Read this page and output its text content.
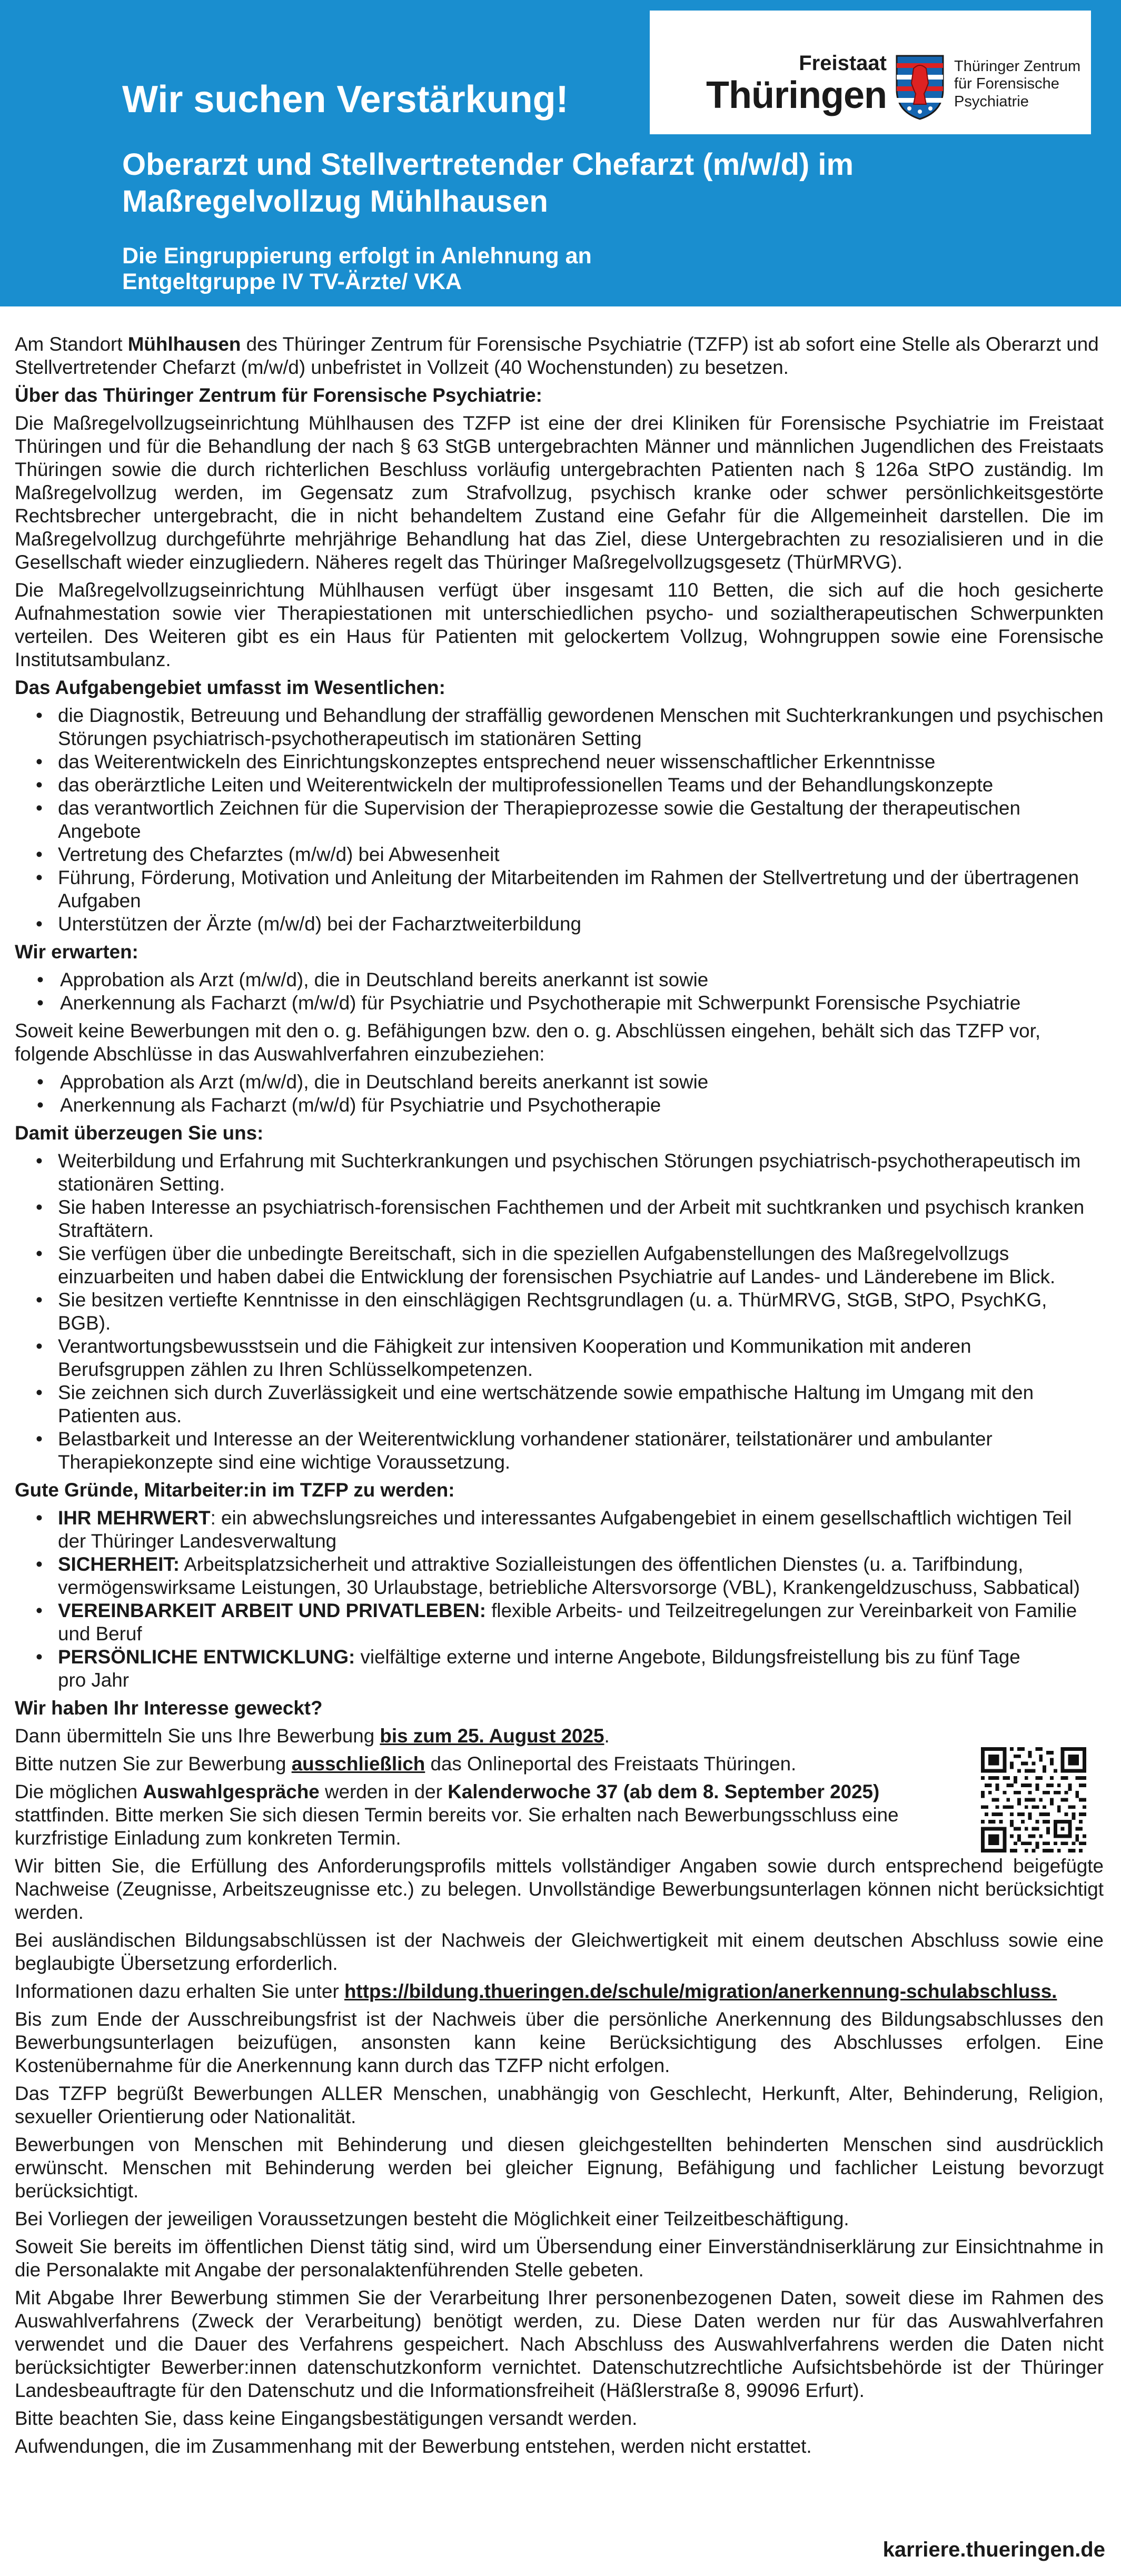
Wir suchen Verstärkung!
Oberarzt und Stellvertretender Chefarzt (m/w/d) im Maßregelvollzug Mühlhausen
Die Eingruppierung erfolgt in Anlehnung an
Entgeltgruppe IV TV-Ärzte/ VKA
Freistaat
Thüringen
Thüringer Zentrum
für Forensische Psychiatrie

Am Standort Mühlhausen des Thüringer Zentrum für Forensische Psychiatrie (TZFP) ist ab sofort eine Stelle als Oberarzt und Stellvertretender Chefarzt (m/w/d) unbefristet in Vollzeit (40 Wochenstunden) zu besetzen.

Über das Thüringer Zentrum für Forensische Psychiatrie:

Die Maßregelvollzugseinrichtung Mühlhausen des TZFP ist eine der drei Kliniken für Forensische Psychiatrie im Freistaat Thüringen und für die Behandlung der nach § 63 StGB untergebrachten Männer und männlichen Jugendlichen des Freistaats Thüringen sowie die durch richterlichen Beschluss vorläufig untergebrachten Patienten nach § 126a StPO zuständig. Im Maßregelvollzug werden, im Gegensatz zum Strafvollzug, psychisch kranke oder schwer persönlichkeitsgestörte Rechtsbrecher untergebracht, die in nicht behandeltem Zustand eine Gefahr für die Allgemeinheit darstellen. Die im Maßregelvollzug durchgeführte mehrjährige Behandlung hat das Ziel, diese Untergebrachten zu resozialisieren und in die Gesellschaft wieder einzugliedern. Näheres regelt das Thüringer Maßregelvollzugsgesetz (ThürMRVG).

Die Maßregelvollzugseinrichtung Mühlhausen verfügt über insgesamt 110 Betten, die sich auf die hoch gesicherte Aufnahmestation sowie vier Therapiestationen mit unterschiedlichen psycho- und sozialtherapeutischen Schwerpunkten verteilen. Des Weiteren gibt es ein Haus für Patienten mit gelockertem Vollzug, Wohngruppen sowie eine Forensische Institutsambulanz.

Das Aufgabengebiet umfasst im Wesentlichen:
• die Diagnostik, Betreuung und Behandlung der straffällig gewordenen Menschen mit Suchterkrankungen und psychischen Störungen psychiatrisch-psychotherapeutisch im stationären Setting
• das Weiterentwickeln des Einrichtungskonzeptes entsprechend neuer wissenschaftlicher Erkenntnisse
• das oberärztliche Leiten und Weiterentwickeln der multiprofessionellen Teams und der Behandlungskonzepte
• das verantwortlich Zeichnen für die Supervision der Therapieprozesse sowie die Gestaltung der therapeutischen Angebote
• Vertretung des Chefarztes (m/w/d) bei Abwesenheit
• Führung, Förderung, Motivation und Anleitung der Mitarbeitenden im Rahmen der Stellvertretung und der übertragenen Aufgaben
• Unterstützen der Ärzte (m/w/d) bei der Facharztweiterbildung
Wir erwarten:
• Approbation als Arzt (m/w/d), die in Deutschland bereits anerkannt ist sowie
• Anerkennung als Facharzt (m/w/d) für Psychiatrie und Psychotherapie mit Schwerpunkt Forensische Psychiatrie

Soweit keine Bewerbungen mit den o. g. Befähigungen bzw. den o. g. Abschlüssen eingehen, behält sich das TZFP vor, folgende Abschlüsse in das Auswahlverfahren einzubeziehen:

• Approbation als Arzt (m/w/d), die in Deutschland bereits anerkannt ist sowie
• Anerkennung als Facharzt (m/w/d) für Psychiatrie und Psychotherapie
Damit überzeugen Sie uns:
• Weiterbildung und Erfahrung mit Suchterkrankungen und psychischen Störungen psychiatrisch-psychotherapeutisch im stationären Setting.
• Sie haben Interesse an psychiatrisch-forensischen Fachthemen und der Arbeit mit suchtkranken und psychisch kranken Straftätern.
• Sie verfügen über die unbedingte Bereitschaft, sich in die speziellen Aufgabenstellungen des Maßregelvollzugs einzuarbeiten und haben dabei die Entwicklung der forensischen Psychiatrie auf Landes- und Länderebene im Blick.
• Sie besitzen vertiefte Kenntnisse in den einschlägigen Rechtsgrundlagen (u. a. ThürMRVG, StGB, StPO, PsychKG, BGB).
• Verantwortungsbewusstsein und die Fähigkeit zur intensiven Kooperation und Kommunikation mit anderen Berufsgruppen zählen zu Ihren Schlüsselkompetenzen.
• Sie zeichnen sich durch Zuverlässigkeit und eine wertschätzende sowie empathische Haltung im Umgang mit den Patienten aus.
• Belastbarkeit und Interesse an der Weiterentwicklung vorhandener stationärer, teilstationärer und ambulanter Therapiekonzepte sind eine wichtige Voraussetzung.
Gute Gründe, Mitarbeiter:in im TZFP zu werden:
• IHR MEHRWERT: ein abwechslungsreiches und interessantes Aufgabengebiet in einem gesellschaftlich wichtigen Teil der Thüringer Landesverwaltung
• SICHERHEIT: Arbeitsplatzsicherheit und attraktive Sozialleistungen des öffentlichen Dienstes (u. a. Tarifbindung, vermögenswirksame Leistungen, 30 Urlaubstage, betriebliche Altersvorsorge (VBL), Krankengeldzuschuss, Sabbatical)
• VEREINBARKEIT ARBEIT UND PRIVATLEBEN: flexible Arbeits- und Teilzeitregelungen zur Vereinbarkeit von Familie und Beruf
• PERSÖNLICHE ENTWICKLUNG: vielfältige externe und interne Angebote, Bildungsfreistellung bis zu fünf Tage pro Jahr
Wir haben Ihr Interesse geweckt?

Dann übermitteln Sie uns Ihre Bewerbung bis zum 25. August 2025.

Bitte nutzen Sie zur Bewerbung ausschließlich das Onlineportal des Freistaats Thüringen.

Die möglichen Auswahlgespräche werden in der Kalenderwoche 37 (ab dem 8. September 2025) stattfinden. Bitte merken Sie sich diesen Termin bereits vor. Sie erhalten nach Bewerbungsschluss eine kurzfristige Einladung zum konkreten Termin.

Wir bitten Sie, die Erfüllung des Anforderungsprofils mittels vollständiger Angaben sowie durch entsprechend beigefügte Nachweise (Zeugnisse, Arbeitszeugnisse etc.) zu belegen. Unvollständige Bewerbungsunterlagen können nicht berücksichtigt werden.

Bei ausländischen Bildungsabschlüssen ist der Nachweis der Gleichwertigkeit mit einem deutschen Abschluss sowie eine beglaubigte Übersetzung erforderlich.

Informationen dazu erhalten Sie unter https://bildung.thueringen.de/schule/migration/anerkennung-schulabschluss.

Bis zum Ende der Ausschreibungsfrist ist der Nachweis über die persönliche Anerkennung des Bildungsabschlusses den Bewerbungsunterlagen beizufügen, ansonsten kann keine Berücksichtigung des Abschlusses erfolgen. Eine Kostenübernahme für die Anerkennung kann durch das TZFP nicht erfolgen.

Das TZFP begrüßt Bewerbungen ALLER Menschen, unabhängig von Geschlecht, Herkunft, Alter, Behinderung, Religion, sexueller Orientierung oder Nationalität.

Bewerbungen von Menschen mit Behinderung und diesen gleichgestellten behinderten Menschen sind ausdrücklich erwünscht. Menschen mit Behinderung werden bei gleicher Eignung, Befähigung und fachlicher Leistung bevorzugt berücksichtigt.

Bei Vorliegen der jeweiligen Voraussetzungen besteht die Möglichkeit einer Teilzeitbeschäftigung.

Soweit Sie bereits im öffentlichen Dienst tätig sind, wird um Übersendung einer Einverständniserklärung zur Einsichtnahme in die Personalakte mit Angabe der personalaktenführenden Stelle gebeten.

Mit Abgabe Ihrer Bewerbung stimmen Sie der Verarbeitung Ihrer personenbezogenen Daten, soweit diese im Rahmen des Auswahlverfahrens (Zweck der Verarbeitung) benötigt werden, zu. Diese Daten werden nur für das Auswahlverfahren verwendet und die Dauer des Verfahrens gespeichert. Nach Abschluss des Auswahlverfahrens werden die Daten nicht berücksichtigter Bewerber:innen datenschutzkonform vernichtet. Datenschutzrechtliche Aufsichtsbehörde ist der Thüringer Landesbeauftragte für den Datenschutz und die Informationsfreiheit (Häßlerstraße 8, 99096 Erfurt).

Bitte beachten Sie, dass keine Eingangsbestätigungen versandt werden.

Aufwendungen, die im Zusammenhang mit der Bewerbung entstehen, werden nicht erstattet.

karriere.thueringen.de
